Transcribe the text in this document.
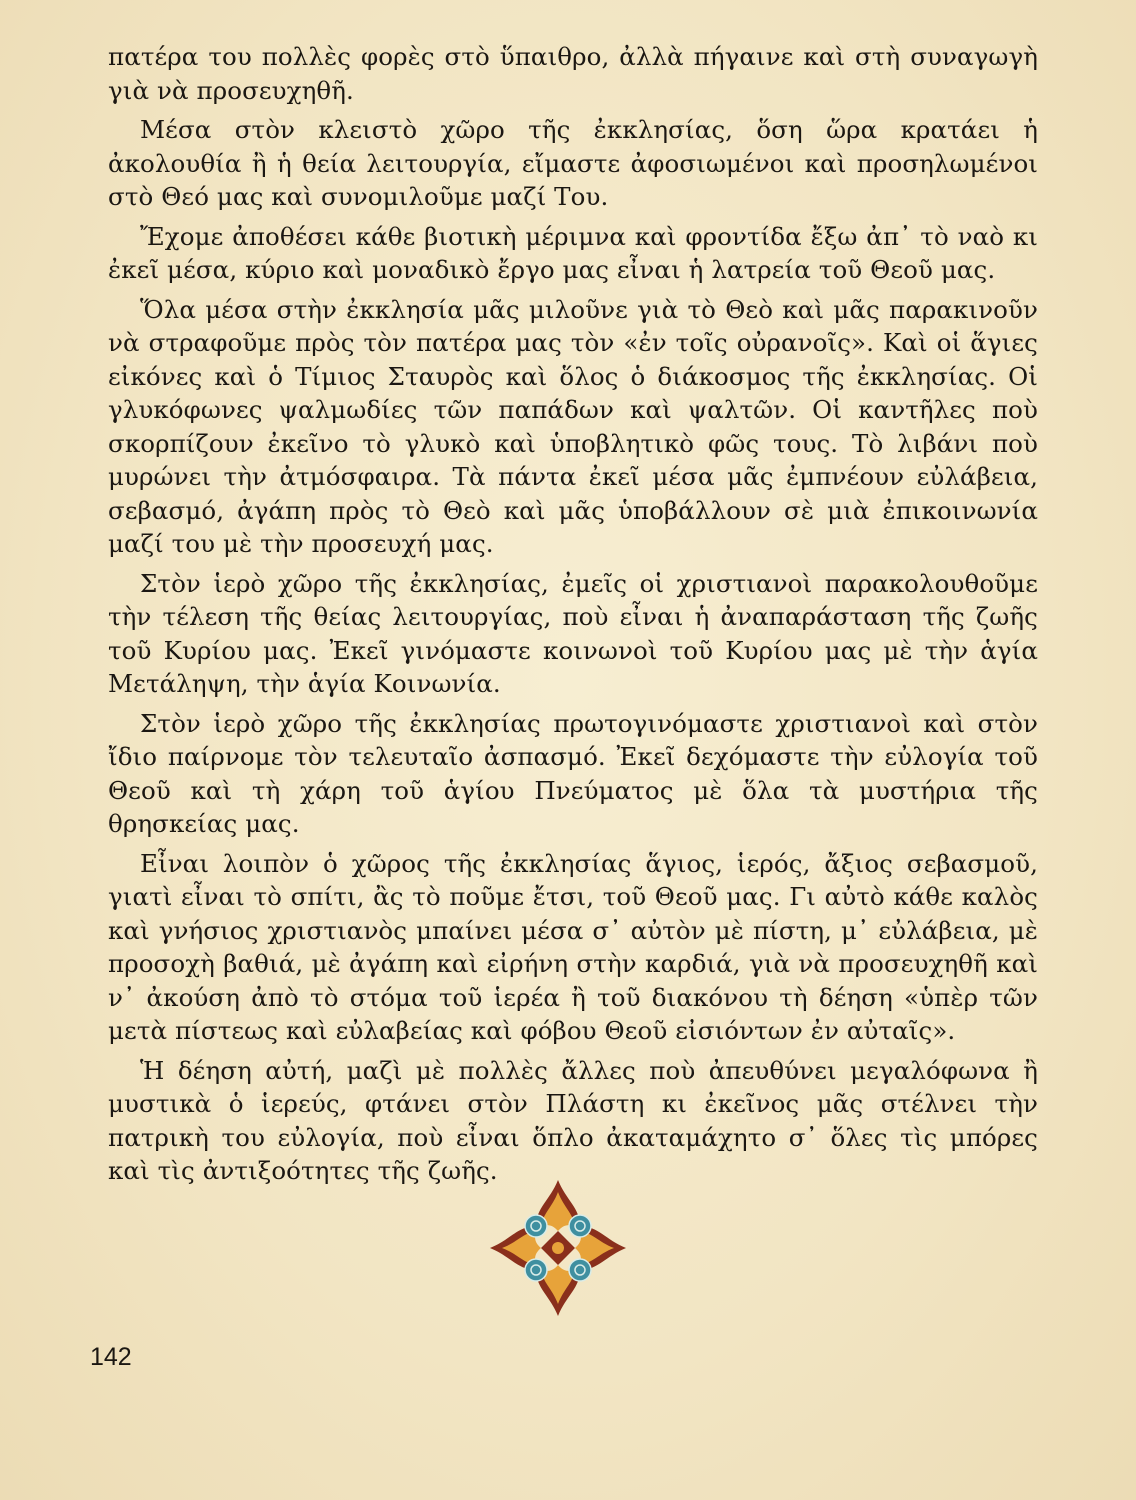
πατέρα του πολλὲς φορὲς στὸ ὕπαιθρο, ἀλλὰ πήγαινε καὶ στὴ συναγωγὴ γιὰ νὰ προσευχηθῆ.

Μέσα στὸν κλειστὸ χῶρο τῆς ἐκκλησίας, ὅση ὥρα κρατάει ἡ ἀκολουθία ἢ ἡ θεία λειτουργία, εἴμαστε ἀφοσιωμένοι καὶ προσηλωμένοι στὸ Θεό μας καὶ συνομιλοῦμε μαζί Του.

Ἔχομε ἀποθέσει κάθε βιοτικὴ μέριμνα καὶ φροντίδα ἔξω ἀπ᾽ τὸ ναὸ κι ἐκεῖ μέσα, κύριο καὶ μοναδικὸ ἔργο μας εἶναι ἡ λατρεία τοῦ Θεοῦ μας.

Ὅλα μέσα στὴν ἐκκλησία μᾶς μιλοῦνε γιὰ τὸ Θεὸ καὶ μᾶς παρακινοῦν νὰ στραφοῦμε πρὸς τὸν πατέρα μας τὸν «ἐν τοῖς οὐρανοῖς». Καὶ οἱ ἅγιες εἰκόνες καὶ ὁ Τίμιος Σταυρὸς καὶ ὅλος ὁ διάκοσμος τῆς ἐκκλησίας. Οἱ γλυκόφωνες ψαλμωδίες τῶν παπάδων καὶ ψαλτῶν. Οἱ καντῆλες ποὺ σκορπίζουν ἐκεῖνο τὸ γλυκὸ καὶ ὑποβλητικὸ φῶς τους. Τὸ λιβάνι ποὺ μυρώνει τὴν ἀτμόσφαιρα. Τὰ πάντα ἐκεῖ μέσα μᾶς ἐμπνέουν εὐλάβεια, σεβασμό, ἀγάπη πρὸς τὸ Θεὸ καὶ μᾶς ὑποβάλλουν σὲ μιὰ ἐπικοινωνία μαζί του μὲ τὴν προσευχή μας.

Στὸν ἱερὸ χῶρο τῆς ἐκκλησίας, ἐμεῖς οἱ χριστιανοὶ παρακολουθοῦμε τὴν τέλεση τῆς θείας λειτουργίας, ποὺ εἶναι ἡ ἀναπαράσταση τῆς ζωῆς τοῦ Κυρίου μας. Ἐκεῖ γινόμαστε κοινωνοὶ τοῦ Κυρίου μας μὲ τὴν ἁγία Μετάληψη, τὴν ἁγία Κοινωνία.

Στὸν ἱερὸ χῶρο τῆς ἐκκλησίας πρωτογινόμαστε χριστιανοὶ καὶ στὸν ἴδιο παίρνομε τὸν τελευταῖο ἀσπασμό. Ἐκεῖ δεχόμαστε τὴν εὐλογία τοῦ Θεοῦ καὶ τὴ χάρη τοῦ ἁγίου Πνεύματος μὲ ὅλα τὰ μυστήρια τῆς θρησκείας μας.

Εἶναι λοιπὸν ὁ χῶρος τῆς ἐκκλησίας ἅγιος, ἱερός, ἄξιος σεβασμοῦ, γιατὶ εἶναι τὸ σπίτι, ἂς τὸ ποῦμε ἔτσι, τοῦ Θεοῦ μας. Γι αὐτὸ κάθε καλὸς καὶ γνήσιος χριστιανὸς μπαίνει μέσα σ᾽ αὐτὸν μὲ πίστη, μ᾽ εὐλάβεια, μὲ προσοχὴ βαθιά, μὲ ἀγάπη καὶ εἰρήνη στὴν καρδιά, γιὰ νὰ προσευχηθῆ καὶ ν᾽ ἀκούση ἀπὸ τὸ στόμα τοῦ ἱερέα ἢ τοῦ διακόνου τὴ δέηση «ὑπὲρ τῶν μετὰ πίστεως καὶ εὐλαβείας καὶ φόβου Θεοῦ εἰσιόντων ἐν αὐταῖς».

Ἡ δέηση αὐτή, μαζὶ μὲ πολλὲς ἄλλες ποὺ ἀπευθύνει μεγαλόφωνα ἢ μυστικὰ ὁ ἱερεύς, φτάνει στὸν Πλάστη κι ἐκεῖνος μᾶς στέλνει τὴν πατρικὴ του εὐλογία, ποὺ εἶναι ὅπλο ἀκαταμάχητο σ᾽ ὅλες τὶς μπόρες καὶ τὶς ἀντιξοότητες τῆς ζωῆς.

142
